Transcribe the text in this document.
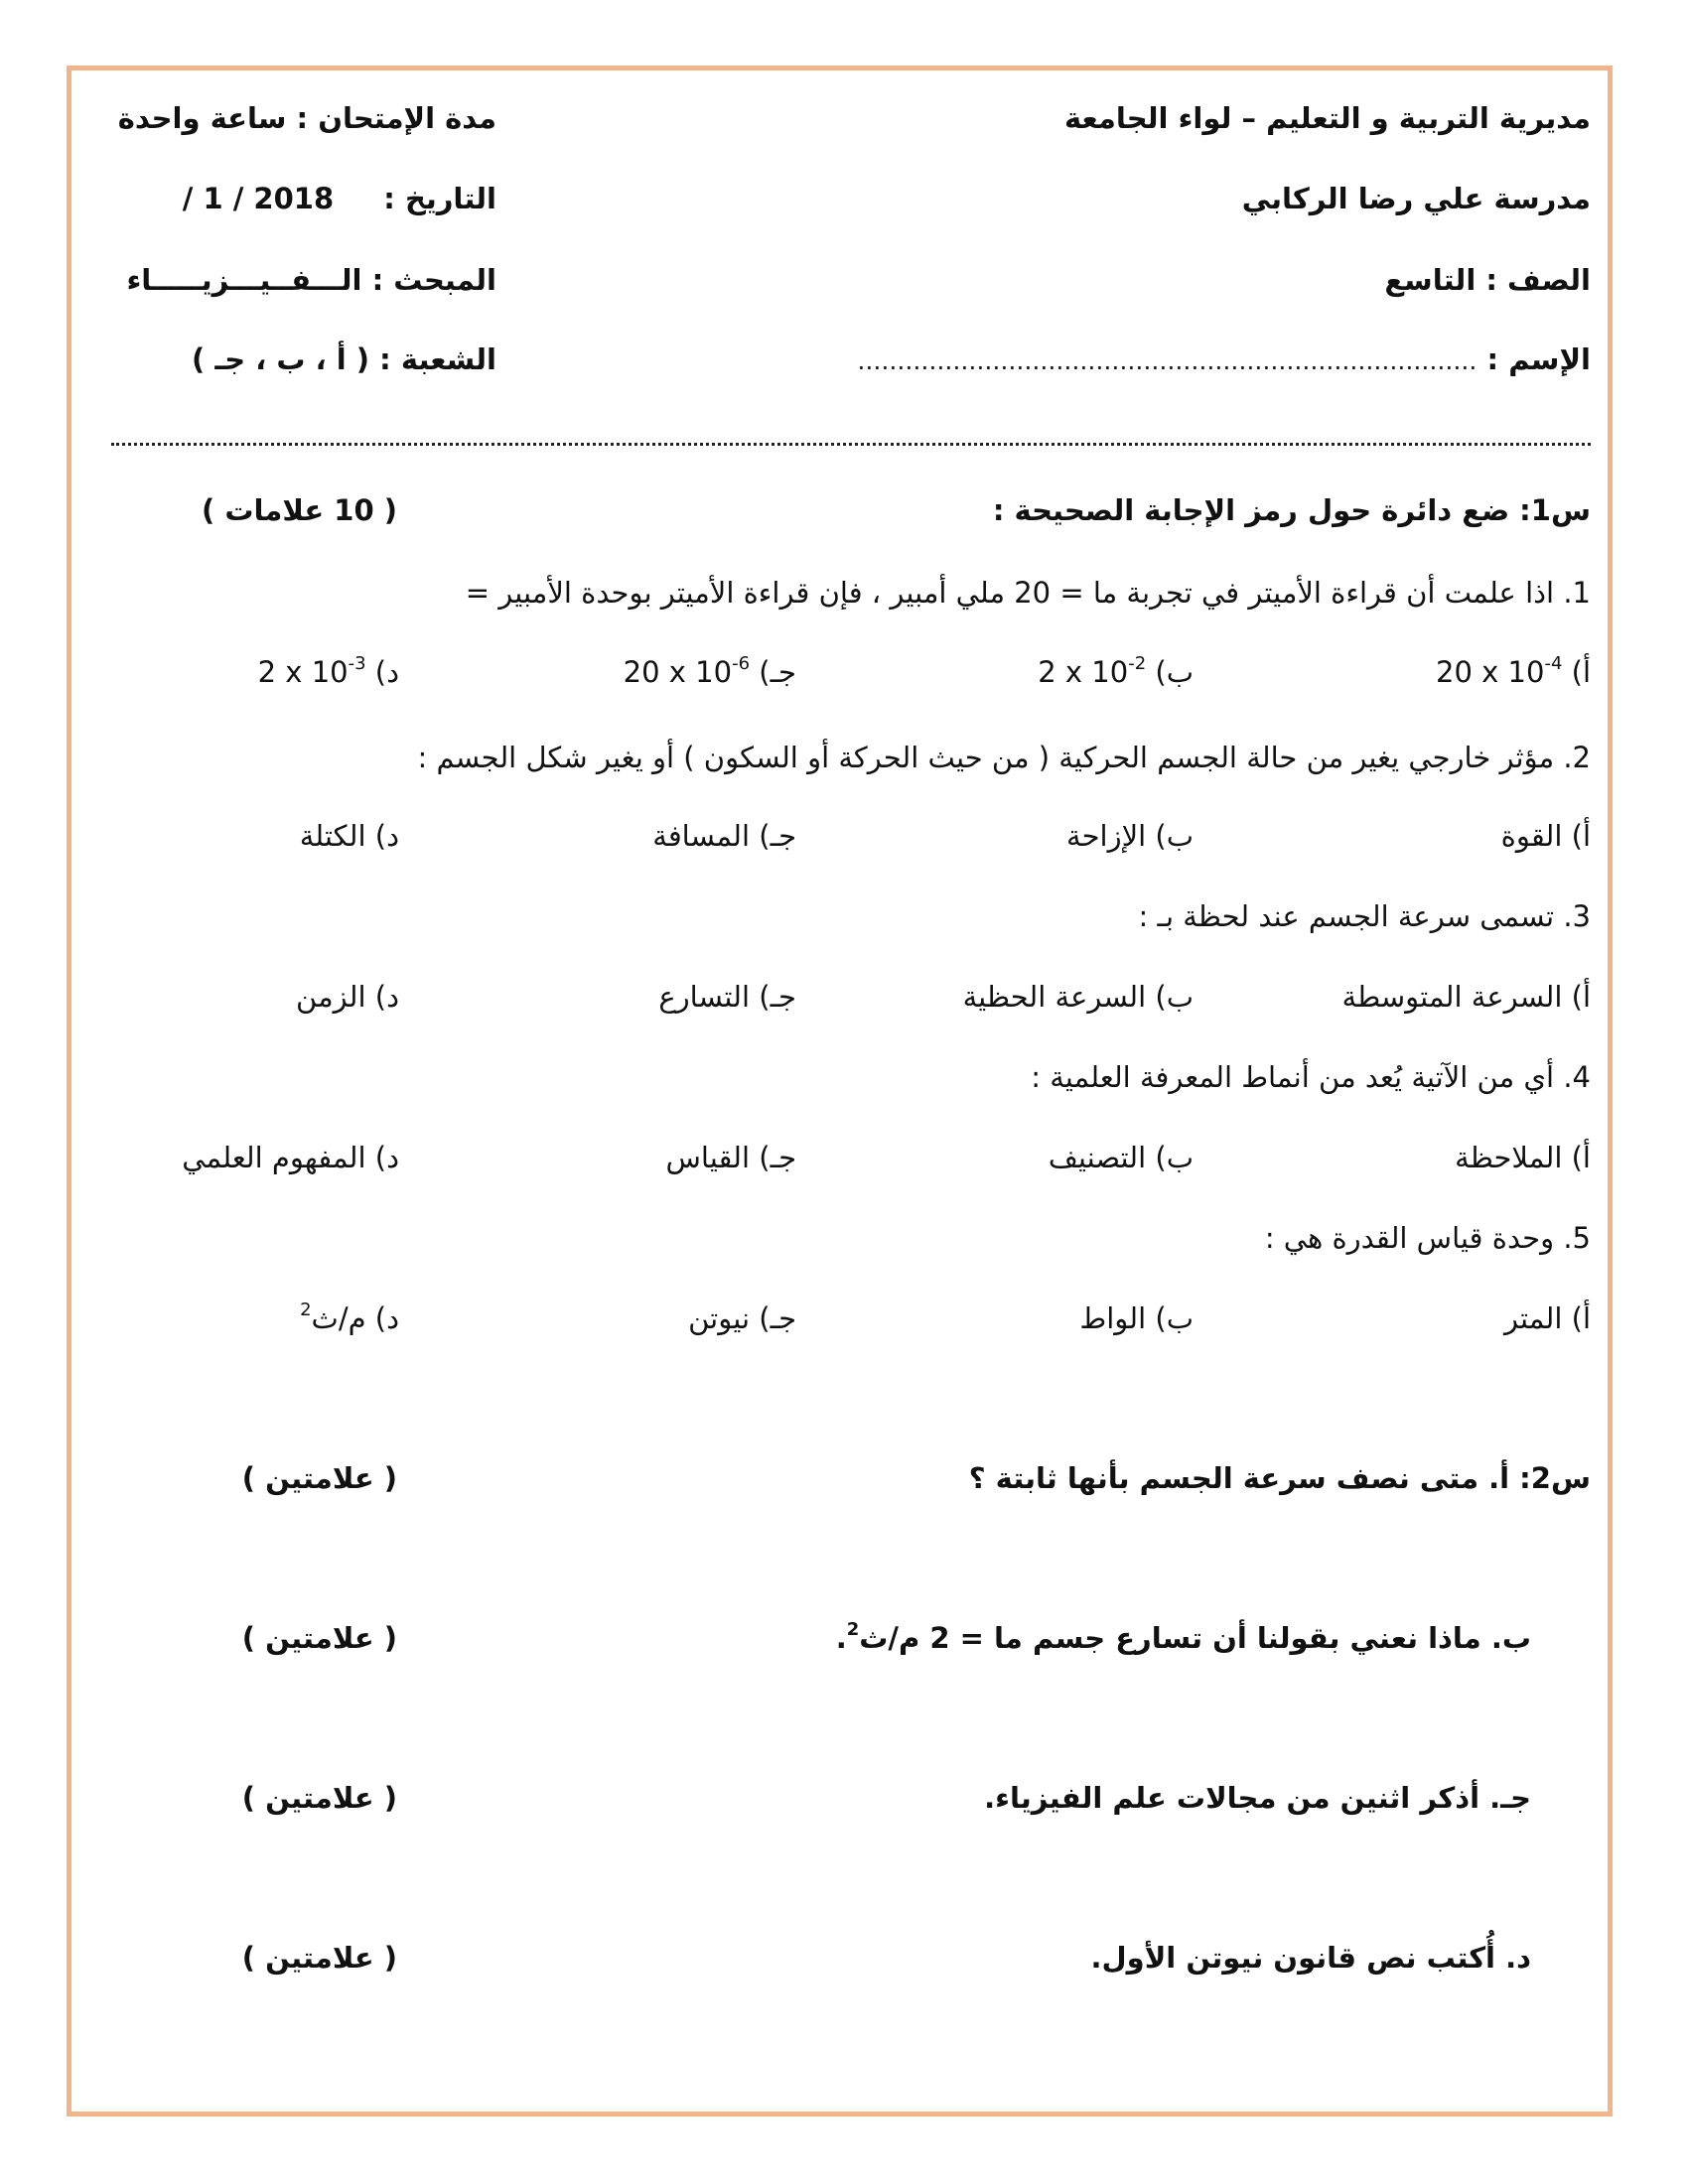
مديرية التربية و التعليم – لواء الجامعة
مدرسة علي رضا الركابي
الصف : التاسع
الإسم : ……………………………………………………………………
مدة الإمتحان : ساعة واحدة
التاريخ : / 1 / 2018
المبحث : الـــفــيـــزيـــــاء
الشعبة : ( أ ، ب ، جـ )
س1: ضع دائرة حول رمز الإجابة الصحيحة :
( 10 علامات )
1. اذا علمت أن قراءة الأميتر في تجربة ما = 20 ملي أمبير ، فإن قراءة الأميتر بوحدة الأمبير =
أ) 20 x $10^{-4}$
ب) 2 x $10^{-2}$
جـ) 20 x $10^{-6}$
د) 2 x $10^{-3}$
2. مؤثر خارجي يغير من حالة الجسم الحركية ( من حيث الحركة أو السكون ) أو يغير شكل الجسم :
أ) القوة
ب) الإزاحة
جـ) المسافة
د) الكتلة
3. تسمى سرعة الجسم عند لحظة بـ :
أ) السرعة المتوسطة
ب) السرعة الحظية
جـ) التسارع
د) الزمن
4. أي من الآتية يُعد من أنماط المعرفة العلمية :
أ) الملاحظة
ب) التصنيف
جـ) القياس
د) المفهوم العلمي
5. وحدة قياس القدرة هي :
أ) المتر
ب) الواط
جـ) نيوتن
د) م/ث$^2$
س2: أ. متى نصف سرعة الجسم بأنها ثابتة ؟
( علامتين )
ب. ماذا نعني بقولنا أن تسارع جسم ما = 2 م/ث$^2$.
( علامتين )
جـ. أذكر اثنين من مجالات علم الفيزياء.
( علامتين )
د. أُكتب نص قانون نيوتن الأول.
( علامتين )
